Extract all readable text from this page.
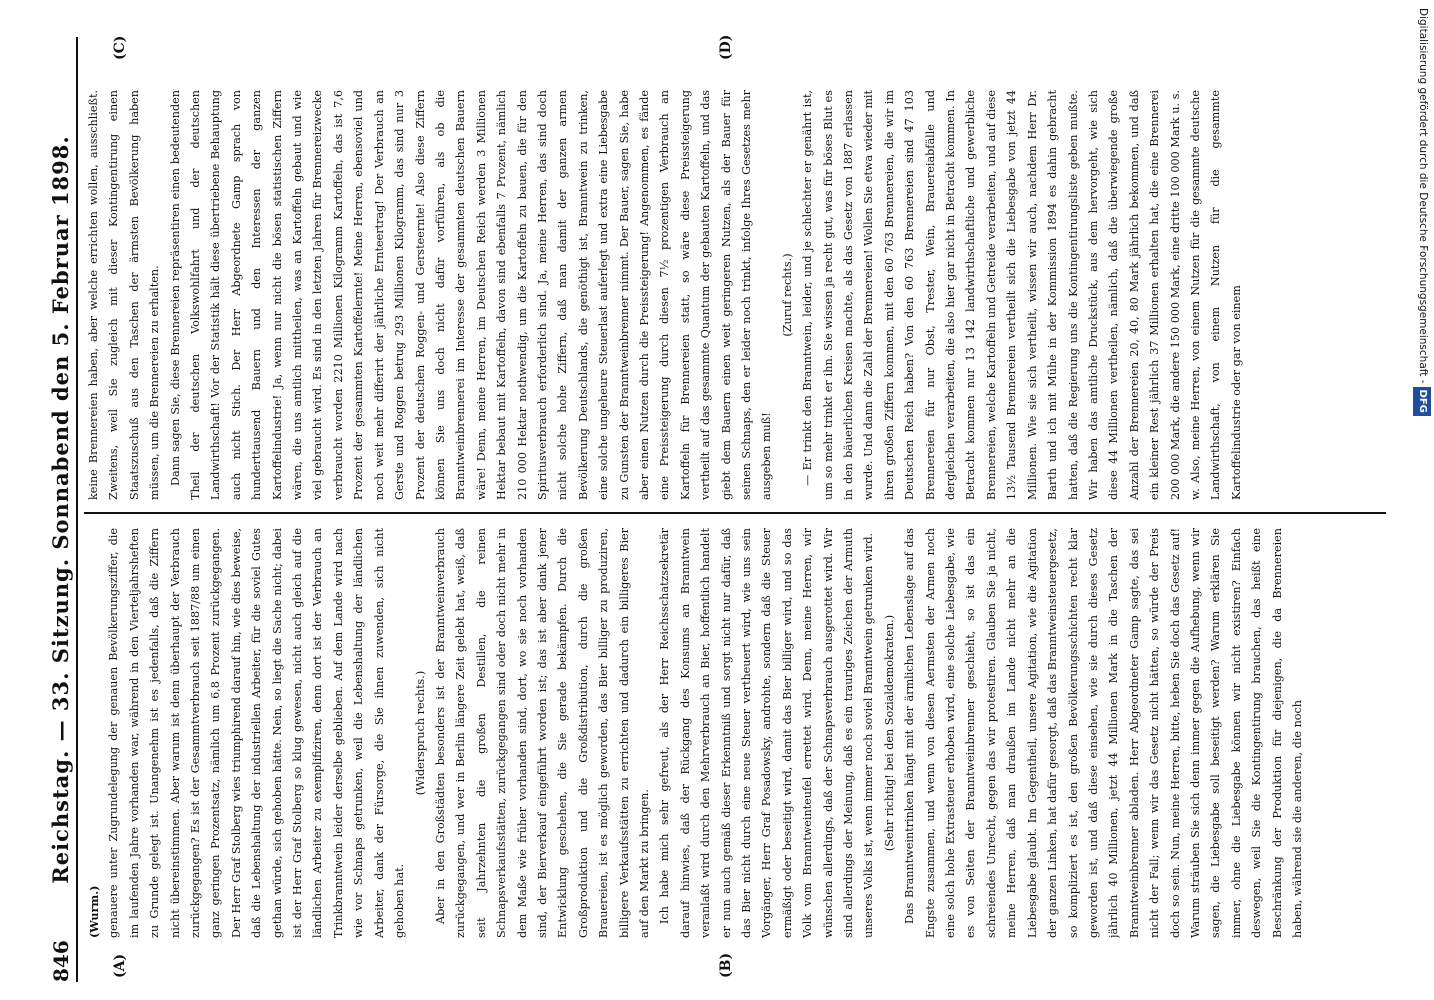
846
Reichstag. — 33. Sitzung. Sonnabend den 5. Februar 1898.
(A)	(B)
(C)	(D)

(Wurm.) genauere unter Zugrundelegung der genauen Bevölkerungsziffer, die im laufenden Jahre vorhanden war, während in den Vierteljahrsheften zu Grunde gelegt ist. Unangenehm ist es jedenfalls, daß die Ziffern nicht übereinstimmen. Aber warum ist denn überhaupt der Verbrauch zurückgegangen? Es ist der Gesammtverbrauch seit 1887/88 um einen ganz geringen Prozentsatz, nämlich um 6,8 Prozent zurückgegangen. Der Herr Graf Stolberg wies triumphirend darauf hin, wie dies beweise, daß die Lebenshaltung der industriellen Arbeiter, für die soviel Gutes gethan würde, sich gehoben hätte. Nein, so liegt die Sache nicht; dabei ist der Herr Graf Stolberg so klug gewesen, nicht auch gleich auf die ländlichen Arbeiter zu exemplifiziren, denn dort ist der Verbrauch an Trinkbranntwein leider derselbe geblieben. Auf dem Lande wird nach wie vor Schnaps getrunken, weil die Lebenshaltung der ländlichen Arbeiter, dank der Fürsorge, die Sie ihnen zuwenden, sich nicht gehoben hat.

(Widerspruch rechts.) Aber in den Großstädten besonders ist der Branntweinverbrauch zurückgegangen, und wer in Berlin längere Zeit gelebt hat, weiß, daß seit Jahrzehnten die großen Destillen, die reinen Schnapsverkaufsstätten, zurückgegangen sind oder doch nicht mehr in dem Maße wie früher vorhanden sind, dort, wo sie noch vorhanden sind, der Bierverkauf eingeführt worden ist; das ist aber dank jener Entwicklung geschehen, die Sie gerade bekämpfen. Durch die Großproduktion und die Großdistribution, durch die großen Brauereien, ist es möglich geworden, das Bier billiger zu produziren, billigere Verkaufsstätten zu errichten und dadurch ein billigeres Bier auf den Markt zu bringen. Ich habe mich sehr gefreut, als der Herr Reichsschatzsekretär darauf hinwies, daß der Rückgang des Konsums an Branntwein veranlaßt wird durch den Mehrverbrauch an Bier, hoffentlich handelt er nun auch gemäß dieser Erkenntniß und sorgt nicht nur dafür, daß das Bier nicht durch eine neue Steuer vertheuert wird, wie uns sein Vorgänger, Herr Graf Posadowsky, androhte, sondern daß die Steuer ermäßigt oder beseitigt wird, damit das Bier billiger wird, und so das Volk vom Branntweinteufel errettet wird. Denn, meine Herren, wir wünschen allerdings, daß der Schnapsverbrauch ausgerottet wird. Wir sind allerdings der Meinung, daß es ein trauriges Zeichen der Armuth unseres Volks ist, wenn immer noch soviel Branntwein getrunken wird. (Sehr richtig! bei den Sozialdemokraten.) Das Branntweintrinken hängt mit der ärmlichen Lebenslage auf das Engste zusammen, und wenn von diesen Aermsten der Armen noch eine solch hohe Extrasteuer erhoben wird, eine solche Liebesgabe, wie es von Seiten der Branntweinbrenner geschieht, so ist das ein schreiendes Unrecht, gegen das wir protestiren. Glauben Sie ja nicht, meine Herren, daß man draußen im Lande nicht mehr an die Liebesgabe glaubt. Im Gegentheil, unsere Agitation, wie die Agitation der ganzen Linken, hat dafür gesorgt, daß das Branntweinsteuergesetz, so kompliziert es ist, den großen Bevölkerungsschichten recht klar geworden ist, und daß diese einsehen, wie sie durch dieses Gesetz jährlich 40 Millionen, jetzt 44 Millionen Mark in die Taschen der Branntweinbrenner abladen. Herr Abgeordneter Gamp sagte, das sei nicht der Fall; wenn wir das Gesetz nicht hätten, so würde der Preis doch so sein. Nun, meine Herren, bitte, heben Sie doch das Gesetz auf! Warum sträuben Sie sich denn immer gegen die Aufhebung, wenn wir sagen, die Liebesgabe soll beseitigt werden? Warum erklären Sie immer, ohne die Liebesgabe können wir nicht existiren? Einfach deswegen, weil Sie die Kontingentirung brauchen, das heißt eine Beschränkung der Produktion für diejenigen, die da Brennereien haben, während sie die anderen, die noch

keine Brennereien haben, aber welche errichten wollen, ausschließt. Zweitens, weil Sie zugleich mit dieser Kontingentirung einen Staatszuschuß aus den Taschen der ärmsten Bevölkerung haben müssen, um die Brennereien zu erhalten. Dann sagen Sie, diese Brennereien repräsentiren einen bedeutenden Theil der deutschen Volkswohlfahrt und der deutschen Landwirthschaft! Vor der Statistik hält diese übertriebene Behauptung auch nicht Stich. Der Herr Abgeordnete Gamp sprach von hunderttausend Bauern und den Interessen der ganzen Kartoffelindustrie! Ja, wenn nur nicht die bösen statistischen Ziffern wären, die uns amtlich mittheilen, was an Kartoffeln gebaut und wie viel gebraucht wird. Es sind in den letzten Jahren für Brennereizwecke verbraucht worden 2210 Millionen Kilogramm Kartoffeln, das ist 7,6 Prozent der gesammten Kartoffelernte! Meine Herren, ebensoviel und noch weit mehr differirt der jährliche Ernteertrag! Der Verbrauch an Gerste und Roggen betrug 293 Millionen Kilogramm, das sind nur 3 Prozent der deutschen Roggen- und Gersteernte! Also diese Ziffern können Sie uns doch nicht dafür vorführen, als ob die Branntweinbrennerei im Interesse der gesammten deutschen Bauern wäre! Denn, meine Herren, im Deutschen Reich werden 3 Millionen Hektar bebaut mit Kartoffeln, davon sind ebenfalls 7 Prozent, nämlich 210 000 Hektar nothwendig, um die Kartoffeln zu bauen, die für den Spiritusverbrauch erforderlich sind. Ja, meine Herren, das sind doch nicht solche hohe Ziffern, daß man damit der ganzen armen Bevölkerung Deutschlands, die genöthigt ist, Branntwein zu trinken, eine solche ungeheure Steuerlast auferlegt und extra eine Liebesgabe zu Gunsten der Branntweinbrenner nimmt. Der Bauer, sagen Sie, habe aber einen Nutzen durch die Preissteigerung! Angenommen, es fände eine Preissteigerung durch diesen 7½ prozentigen Verbrauch an Kartoffeln für Brennereien statt, so wäre diese Preissteigerung vertheilt auf das gesammte Quantum der gebauten Kartoffeln, und das giebt dem Bauern einen weit geringeren Nutzen, als der Bauer für seinen Schnaps, den er leider noch trinkt, infolge Ihres Gesetzes mehr ausgeben muß!

(Zuruf rechts.) — Er trinkt den Branntwein, leider, und je schlechter er genährt ist, um so mehr trinkt er ihn. Sie wissen ja recht gut, was für böses Blut es in den bäuerlichen Kreisen machte, als das Gesetz von 1887 erlassen wurde. Und dann die Zahl der Brennereien! Wollen Sie etwa wieder mit ihren großen Ziffern kommen, mit den 60 763 Brennereien, die wir im Deutschen Reich haben? Von den 60 763 Brennereien sind 47 103 Brennereien für nur Obst, Trester, Wein, Brauereiabfälle und dergleichen verarbeiten, die also hier gar nicht in Betracht kommen. In Betracht kommen nur 13 142 landwirthschaftliche und gewerbliche Brennereien, welche Kartoffeln und Getreide verarbeiten, und auf diese 13½ Tausend Brennereien vertheilt sich die Liebesgabe von jetzt 44 Millionen. Wie sie sich vertheilt, wissen wir auch, nachdem Herr Dr. Barth und ich mit Mühe in der Kommission 1894 es dahin gebracht hatten, daß die Regierung uns die Kontingentirungsliste geben mußte. Wir haben das amtliche Druckstück, aus dem hervorgeht, wie sich diese 44 Millionen vertheilen, nämlich, daß die überwiegende große Anzahl der Brennereien 20, 40, 80 Mark jährlich bekommen, und daß ein kleiner Rest jährlich 37 Millionen erhalten hat, die eine Brennerei 200 000 Mark, die andere 150 000 Mark, eine dritte 100 000 Mark u. s. w. Also, meine Herren, von einem Nutzen für die gesammte deutsche Landwirthschaft, von einem Nutzen für die gesammte Kartoffelindustrie oder gar von einem

Digitalisierung gefördert durch die Deutsche Forschungsgemeinschaft -DFG
